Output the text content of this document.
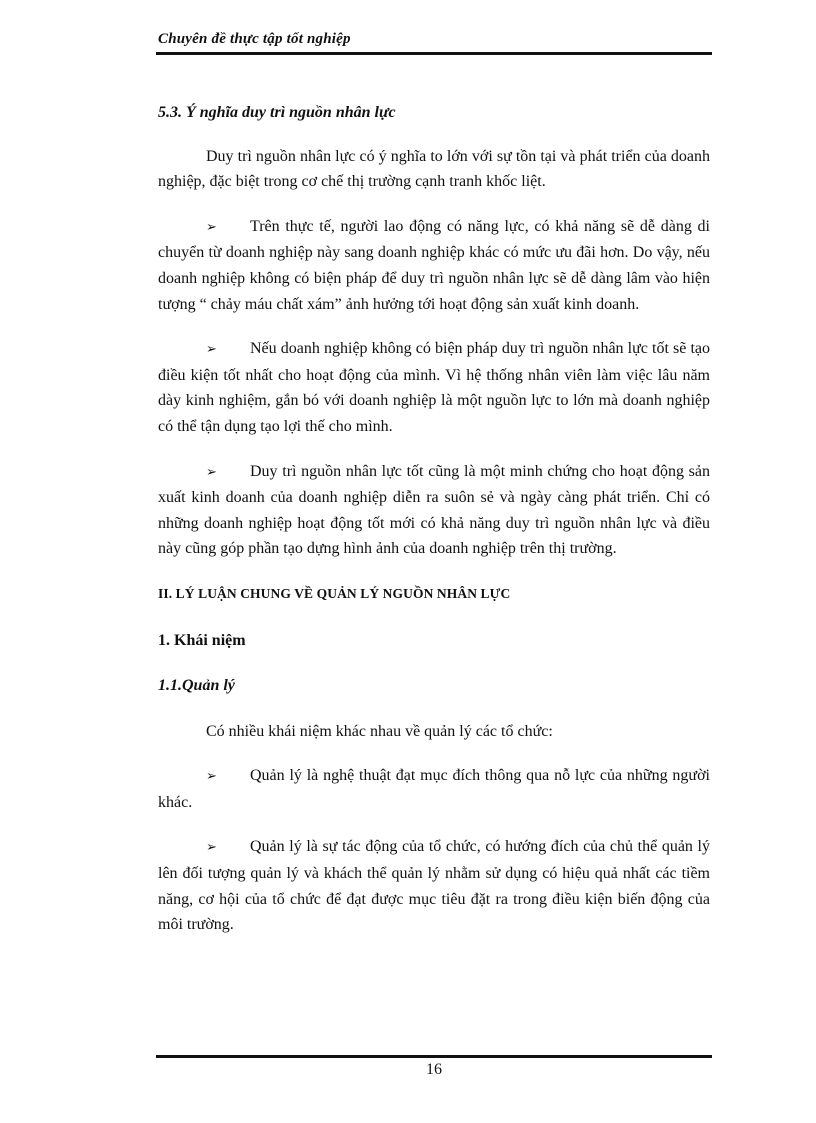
Chuyên đề thực tập tốt nghiệp
5.3. Ý nghĩa duy trì nguồn nhân lực

Duy trì nguồn nhân lực có ý nghĩa to lớn với sự tồn tại và phát triển của doanh nghiệp, đặc biệt trong cơ chế thị trường cạnh tranh khốc liệt.

➢ Trên thực tế, người lao động có năng lực, có khả năng sẽ dễ dàng di chuyển từ doanh nghiệp này sang doanh nghiệp khác có mức ưu đãi hơn. Do vậy, nếu doanh nghiệp không có biện pháp để duy trì nguồn nhân lực sẽ dễ dàng lâm vào hiện tượng “ chảy máu chất xám” ảnh hưởng tới hoạt động sản xuất kinh doanh.

➢ Nếu doanh nghiệp không có biện pháp duy trì nguồn nhân lực tốt sẽ tạo điều kiện tốt nhất cho hoạt động của mình. Vì hệ thống nhân viên làm việc lâu năm dày kinh nghiệm, gắn bó với doanh nghiệp là một nguồn lực to lớn mà doanh nghiệp có thể tận dụng tạo lợi thế cho mình.

➢ Duy trì nguồn nhân lực tốt cũng là một minh chứng cho hoạt động sản xuất kinh doanh của doanh nghiệp diễn ra suôn sẻ và ngày càng phát triển. Chỉ có những doanh nghiệp hoạt động tốt mới có khả năng duy trì nguồn nhân lực và điều này cũng góp phần tạo dựng hình ảnh của doanh nghiệp trên thị trường.

II. LÝ LUẬN CHUNG VỀ QUẢN LÝ NGUỒN NHÂN LỰC
1. Khái niệm
1.1.Quản lý

Có nhiều khái niệm khác nhau về quản lý các tổ chức:

➢ Quản lý là nghệ thuật đạt mục đích thông qua nỗ lực của những người khác.

➢ Quản lý là sự tác động của tổ chức, có hướng đích của chủ thể quản lý lên đối tượng quản lý và khách thể quản lý nhằm sử dụng có hiệu quả nhất các tiềm năng, cơ hội của tổ chức để đạt được mục tiêu đặt ra trong điều kiện biến động của môi trường.

16
